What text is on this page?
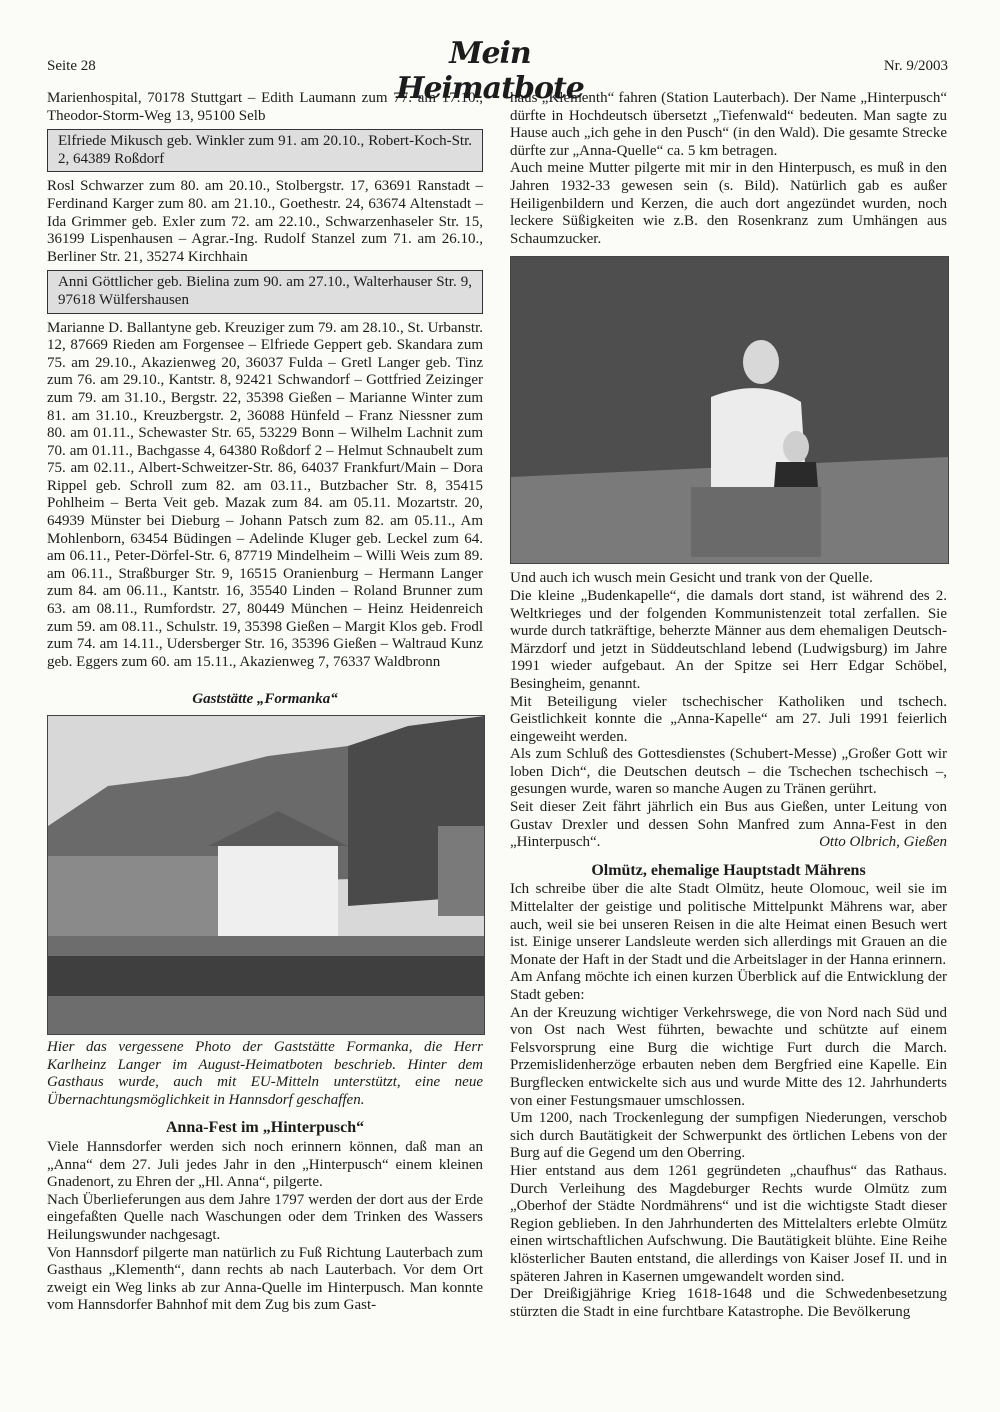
Seite 28	Mein Heimatbote
Nr. 9/2003

Marienhospital, 70178 Stuttgart – Edith Laumann zum 77. am 17.10., Theodor-Storm-Weg 13, 95100 Selb

Elfriede Mikusch geb. Winkler zum 91. am 20.10., Robert-Koch-Str. 2, 64389 Roßdorf

Rosl Schwarzer zum 80. am 20.10., Stolbergstr. 17, 63691 Ranstadt – Ferdinand Karger zum 80. am 21.10., Goethestr. 24, 63674 Altenstadt – Ida Grimmer geb. Exler zum 72. am 22.10., Schwarzenhaseler Str. 15, 36199 Lispenhausen – Agrar.-Ing. Rudolf Stanzel zum 71. am 26.10., Berliner Str. 21, 35274 Kirchhain

Anni Göttlicher geb. Bielina zum 90. am 27.10., Walterhauser Str. 9, 97618 Wülfershausen

Marianne D. Ballantyne geb. Kreuziger zum 79. am 28.10., St. Urbanstr. 12, 87669 Rieden am Forgensee – Elfriede Geppert geb. Skandara zum 75. am 29.10., Akazienweg 20, 36037 Fulda – Gretl Langer geb. Tinz zum 76. am 29.10., Kantstr. 8, 92421 Schwandorf – Gottfried Zeizinger zum 79. am 31.10., Bergstr. 22, 35398 Gießen – Marianne Winter zum 81. am 31.10., Kreuzbergstr. 2, 36088 Hünfeld – Franz Niessner zum 80. am 01.11., Schewaster Str. 65, 53229 Bonn – Wilhelm Lachnit zum 70. am 01.11., Bachgasse 4, 64380 Roßdorf 2 – Helmut Schnaubelt zum 75. am 02.11., Albert-Schweitzer-Str. 86, 64037 Frankfurt/Main – Dora Rippel geb. Schroll zum 82. am 03.11., Butzbacher Str. 8, 35415 Pohlheim – Berta Veit geb. Mazak zum 84. am 05.11. Mozartstr. 20, 64939 Münster bei Dieburg – Johann Patsch zum 82. am 05.11., Am Mohlenborn, 63454 Büdingen – Adelinde Kluger geb. Leckel zum 64. am 06.11., Peter-Dörfel-Str. 6, 87719 Mindelheim – Willi Weis zum 89. am 06.11., Straßburger Str. 9, 16515 Oranienburg – Hermann Langer zum 84. am 06.11., Kantstr. 16, 35540 Linden – Roland Brunner zum 63. am 08.11., Rumfordstr. 27, 80449 München – Heinz Heidenreich zum 59. am 08.11., Schulstr. 19, 35398 Gießen – Margit Klos geb. Frodl zum 74. am 14.11., Udersberger Str. 16, 35396 Gießen – Waltraud Kunz geb. Eggers zum 60. am 15.11., Akazienweg 7, 76337 Waldbronn

Gaststätte „Formanka“
Hier das vergessene Photo der Gaststätte Formanka, die Herr Karlheinz Langer im August-Heimatboten beschrieb. Hinter dem Gasthaus wurde, auch mit EU-Mitteln unterstützt, eine neue Übernachtungsmöglichkeit in Hannsdorf geschaffen.
Anna-Fest im „Hinterpusch“

Viele Hannsdorfer werden sich noch erinnern können, daß man an „Anna“ dem 27. Juli jedes Jahr in den „Hinterpusch“ einem kleinen Gnadenort, zu Ehren der „Hl. Anna“, pilgerte.

Nach Überlieferungen aus dem Jahre 1797 werden der dort aus der Erde eingefaßten Quelle nach Waschungen oder dem Trinken des Wassers Heilungswunder nachgesagt.

Von Hannsdorf pilgerte man natürlich zu Fuß Richtung Lauterbach zum Gasthaus „Klementh“, dann rechts ab nach Lauterbach. Vor dem Ort zweigt ein Weg links ab zur Anna-Quelle im Hinterpusch. Man konnte vom Hannsdorfer Bahnhof mit dem Zug bis zum Gast-

haus „Klementh“ fahren (Station Lauterbach). Der Name „Hinterpusch“ dürfte in Hochdeutsch übersetzt „Tiefenwald“ bedeuten. Man sagte zu Hause auch „ich gehe in den Pusch“ (in den Wald). Die gesamte Strecke dürfte zur „Anna-Quelle“ ca. 5 km betragen.

Auch meine Mutter pilgerte mit mir in den Hinterpusch, es muß in den Jahren 1932-33 gewesen sein (s. Bild). Natürlich gab es außer Heiligenbildern und Kerzen, die auch dort angezündet wurden, noch leckere Süßigkeiten wie z.B. den Rosenkranz zum Umhängen aus Schaumzucker.

Und auch ich wusch mein Gesicht und trank von der Quelle.

Die kleine „Budenkapelle“, die damals dort stand, ist während des 2. Weltkrieges und der folgenden Kommunistenzeit total zerfallen. Sie wurde durch tatkräftige, beherzte Männer aus dem ehemaligen Deutsch-Märzdorf und jetzt in Süddeutschland lebend (Ludwigsburg) im Jahre 1991 wieder aufgebaut. An der Spitze sei Herr Edgar Schöbel, Besingheim, genannt.

Mit Beteiligung vieler tschechischer Katholiken und tschech. Geistlichkeit konnte die „Anna-Kapelle“ am 27. Juli 1991 feierlich eingeweiht werden.

Als zum Schluß des Gottesdienstes (Schubert-Messe) „Großer Gott wir loben Dich“, die Deutschen deutsch – die Tschechen tschechisch –, gesungen wurde, waren so manche Augen zu Tränen gerührt.

Seit dieser Zeit fährt jährlich ein Bus aus Gießen, unter Leitung von Gustav Drexler und dessen Sohn Manfred zum Anna-Fest in den „Hinterpusch“.	Otto Olbrich, Gießen

Olmütz, ehemalige Hauptstadt Mährens

Ich schreibe über die alte Stadt Olmütz, heute Olomouc, weil sie im Mittelalter der geistige und politische Mittelpunkt Mährens war, aber auch, weil sie bei unseren Reisen in die alte Heimat einen Besuch wert ist. Einige unserer Landsleute werden sich allerdings mit Grauen an die Monate der Haft in der Stadt und die Arbeitslager in der Hanna erinnern.

Am Anfang möchte ich einen kurzen Überblick auf die Entwicklung der Stadt geben:

An der Kreuzung wichtiger Verkehrswege, die von Nord nach Süd und von Ost nach West führten, bewachte und schützte auf einem Felsvorsprung eine Burg die wichtige Furt durch die March. Przemislidenherzöge erbauten neben dem Bergfried eine Kapelle. Ein Burgflecken entwickelte sich aus und wurde Mitte des 12. Jahrhunderts von einer Festungsmauer umschlossen.

Um 1200, nach Trockenlegung der sumpfigen Niederungen, verschob sich durch Bautätigkeit der Schwerpunkt des örtlichen Lebens von der Burg auf die Gegend um den Oberring.

Hier entstand aus dem 1261 gegründeten „chaufhus“ das Rathaus. Durch Verleihung des Magdeburger Rechts wurde Olmütz zum „Oberhof der Städte Nordmährens“ und ist die wichtigste Stadt dieser Region geblieben. In den Jahrhunderten des Mittelalters erlebte Olmütz einen wirtschaftlichen Aufschwung. Die Bautätigkeit blühte. Eine Reihe klösterlicher Bauten entstand, die allerdings von Kaiser Josef II. und in späteren Jahren in Kasernen umgewandelt worden sind.

Der Dreißigjährige Krieg 1618-1648 und die Schwedenbesetzung stürzten die Stadt in eine furchtbare Katastrophe. Die Bevölkerung
